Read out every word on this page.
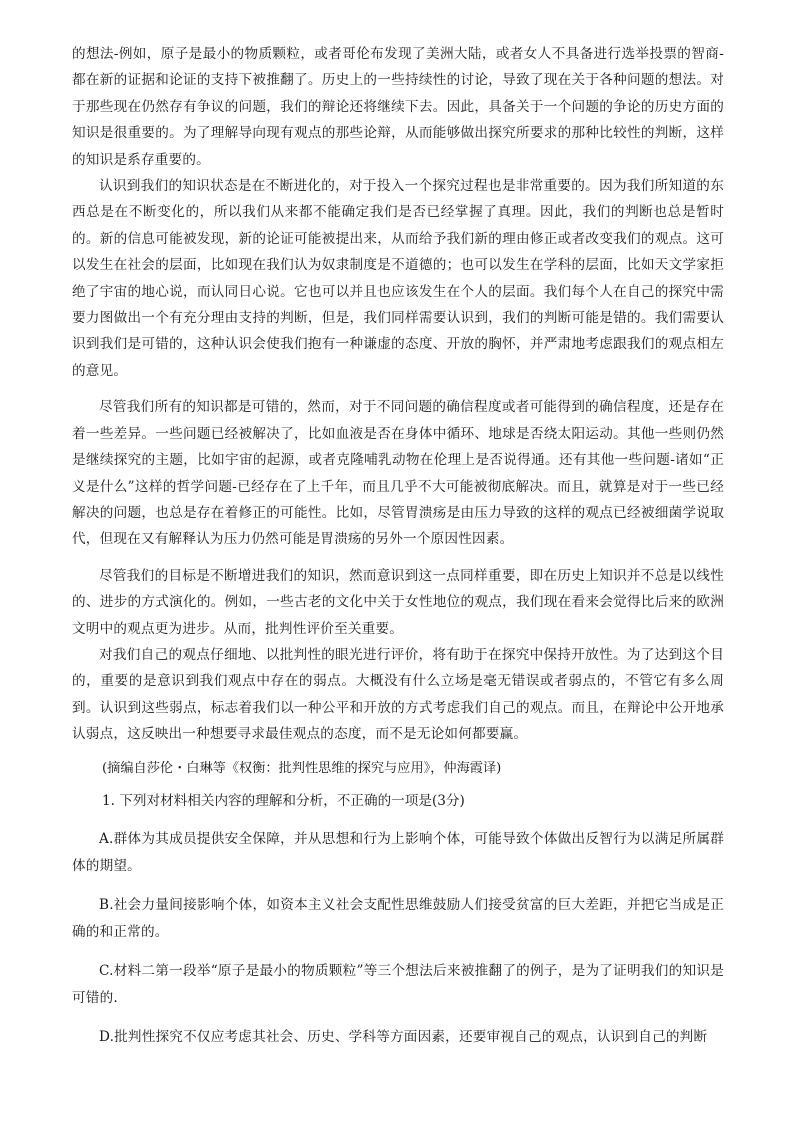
的想法-例如，原子是最小的物质颗粒，或者哥伦布发现了美洲大陆，或者女人不具备进行选举投票的智商-都在新的证据和论证的支持下被推翻了。历史上的一些持续性的讨论，导致了现在关于各种问题的想法。对于那些现在仍然存有争议的问题，我们的辩论还将继续下去。因此，具备关于一个问题的争论的历史方面的知识是很重要的。为了理解导向现有观点的那些论辩，从而能够做出探究所要求的那种比较性的判断，这样的知识是系存重要的。

认识到我们的知识状态是在不断进化的，对于投入一个探究过程也是非常重要的。因为我们所知道的东西总是在不断变化的，所以我们从来都不能确定我们是否已经掌握了真理。因此，我们的判断也总是暂时的。新的信息可能被发现，新的论证可能被提出来，从而给予我们新的理由修正或者改变我们的观点。这可以发生在社会的层面，比如现在我们认为奴隶制度是不道德的；也可以发生在学科的层面，比如天文学家拒绝了宇宙的地心说，而认同日心说。它也可以并且也应该发生在个人的层面。我们每个人在自己的探究中需要力图做出一个有充分理由支持的判断，但是，我们同样需要认识到，我们的判断可能是错的。我们需要认识到我们是可错的，这种认识会使我们抱有一种谦虚的态度、开放的胸怀，并严肃地考虑跟我们的观点相左的意见。

尽管我们所有的知识都是可错的，然而，对于不同问题的确信程度或者可能得到的确信程度，还是存在着一些差异。一些问题已经被解决了，比如血液是否在身体中循环、地球是否绕太阳运动。其他一些则仍然是继续探究的主题，比如宇宙的起源，或者克隆哺乳动物在伦理上是否说得通。还有其他一些问题-诸如“正义是什么”这样的哲学问题-已经存在了上千年，而且几乎不大可能被彻底解决。而且，就算是对于一些已经解决的问题，也总是存在着修正的可能性。比如，尽管胃溃疡是由压力导致的这样的观点已经被细菌学说取代，但现在又有解释认为压力仍然可能是胃溃疡的另外一个原因性因素。

尽管我们的目标是不断增进我们的知识，然而意识到这一点同样重要，即在历史上知识并不总是以线性的、进步的方式演化的。例如，一些古老的文化中关于女性地位的观点，我们现在看来会觉得比后来的欧洲文明中的观点更为进步。从而，批判性评价至关重要。

对我们自己的观点仔细地、以批判性的眼光进行评价，将有助于在探究中保持开放性。为了达到这个目的，重要的是意识到我们观点中存在的弱点。大概没有什么立场是毫无错误或者弱点的，不管它有多么周到。认识到这些弱点，标志着我们以一种公平和开放的方式考虑我们自己的观点。而且，在辩论中公开地承认弱点，这反映出一种想要寻求最佳观点的态度，而不是无论如何都要赢。

(摘编自莎伦・白琳等《权衡：批判性思维的探究与应用》，仲海霞译)
1. 下列对材料相关内容的理解和分析，不正确的一项是(3分)
A.群体为其成员提供安全保障，并从思想和行为上影响个体，可能导致个体做出反智行为以满足所属群体的期望。
B.社会力量间接影响个体，如资本主义社会支配性思维鼓励人们接受贫富的巨大差距，并把它当成是正确的和正常的。
C.材料二第一段举“原子是最小的物质颗粒”等三个想法后来被推翻了的例子，是为了证明我们的知识是可错的.
D.批判性探究不仅应考虑其社会、历史、学科等方面因素，还要审视自己的观点，认识到自己的判断
